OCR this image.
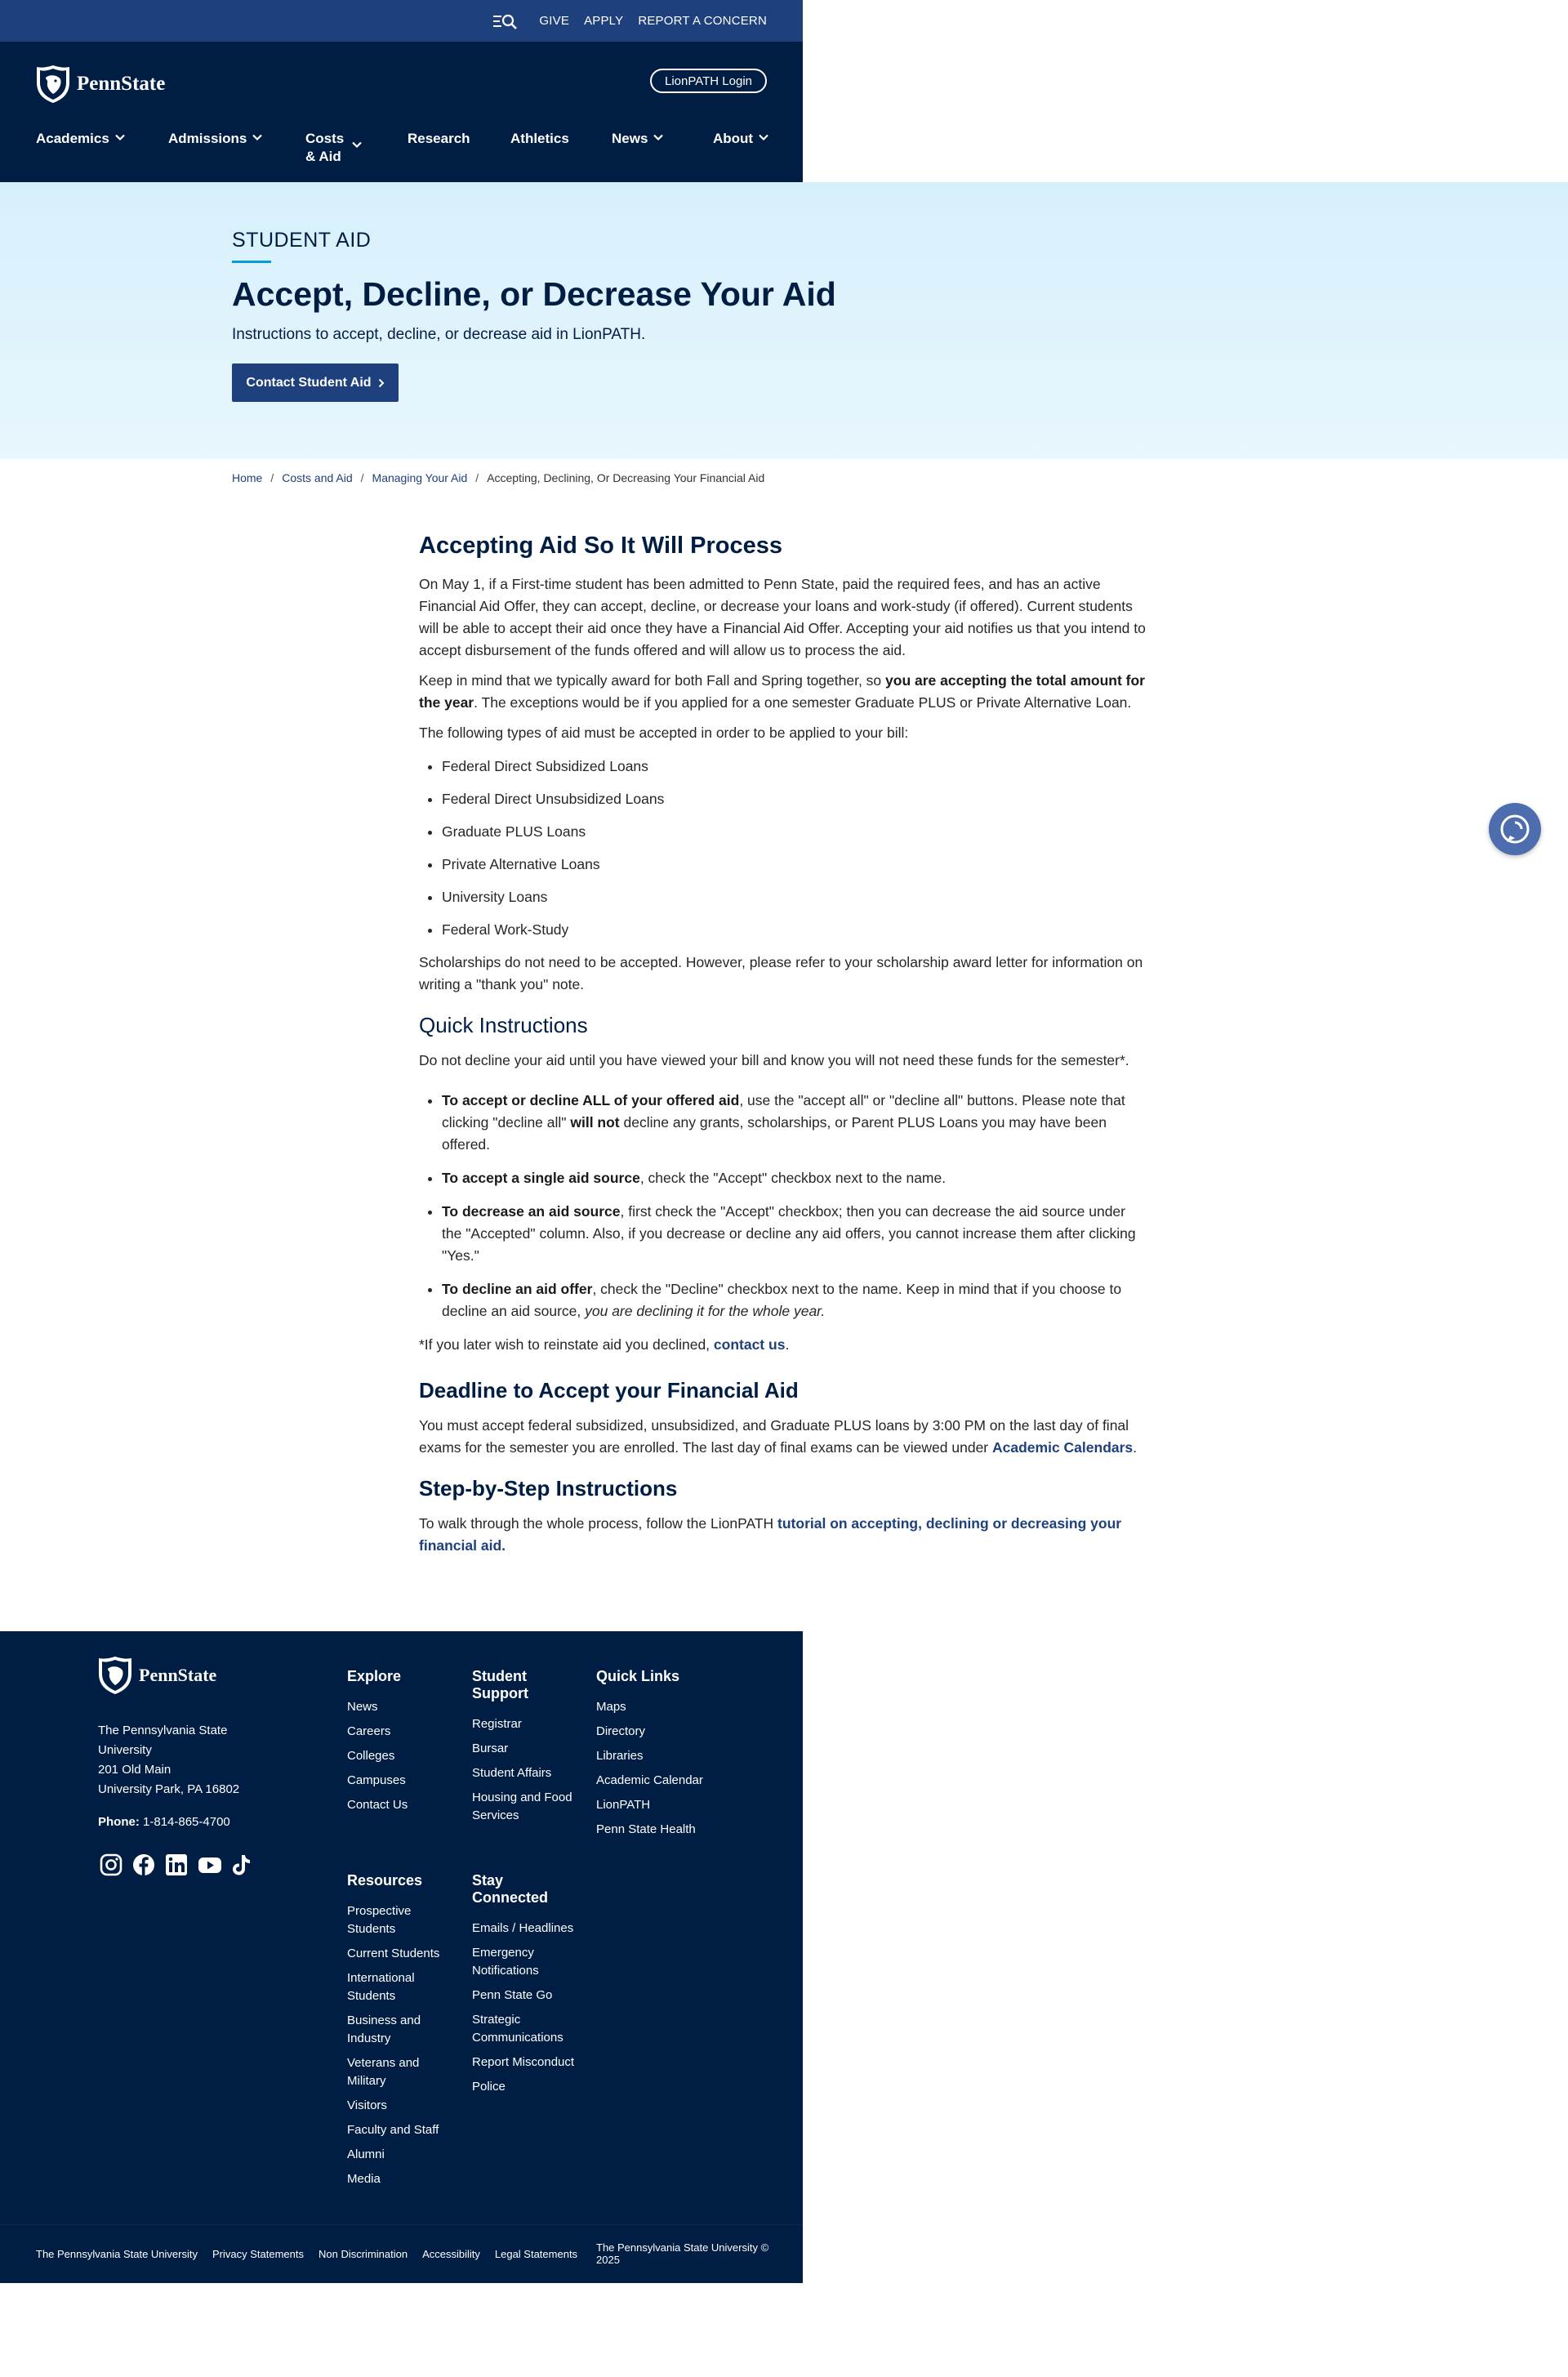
GIVE APPLY REPORT A CONCERN
PennState	LionPATH Login
Academics	Admissions	Costs & Aid
Research	Athletics	News	About
STUDENT AID
Accept, Decline, or Decrease Your Aid
Instructions to accept, decline, or decrease aid in LionPATH.
Contact Student Aid
Home / Costs and Aid / Managing Your Aid / Accepting, Declining, Or Decreasing Your Financial Aid
Accepting Aid So It Will Process

On May 1, if a First-time student has been admitted to Penn State, paid the required fees, and has an active Financial Aid Offer, they can accept, decline, or decrease your loans and work-study (if offered). Current students will be able to accept their aid once they have a Financial Aid Offer. Accepting your aid notifies us that you intend to accept disbursement of the funds offered and will allow us to process the aid.

Keep in mind that we typically award for both Fall and Spring together, so you are accepting the total amount for the year. The exceptions would be if you applied for a one semester Graduate PLUS or Private Alternative Loan.

The following types of aid must be accepted in order to be applied to your bill:

• Federal Direct Subsidized Loans
• Federal Direct Unsubsidized Loans
• Graduate PLUS Loans
• Private Alternative Loans
• University Loans
• Federal Work-Study

Scholarships do not need to be accepted. However, please refer to your scholarship award letter for information on writing a "thank you" note.

Quick Instructions

Do not decline your aid until you have viewed your bill and know you will not need these funds for the semester*.

• To accept or decline ALL of your offered aid, use the "accept all" or "decline all" buttons. Please note that clicking "decline all" will not decline any grants, scholarships, or Parent PLUS Loans you may have been offered.
• To accept a single aid source, check the "Accept" checkbox next to the name.
• To decrease an aid source, first check the "Accept" checkbox; then you can decrease the aid source under the "Accepted" column. Also, if you decrease or decline any aid offers, you cannot increase them after clicking "Yes."
• To decline an aid offer, check the "Decline" checkbox next to the name. Keep in mind that if you choose to decline an aid source, you are declining it for the whole year.

*If you later wish to reinstate aid you declined, contact us.

Deadline to Accept your Financial Aid

You must accept federal subsidized, unsubsidized, and Graduate PLUS loans by 3:00 PM on the last day of final exams for the semester you are enrolled. The last day of final exams can be viewed under Academic Calendars.

Step-by-Step Instructions

To walk through the whole process, follow the LionPATH tutorial on accepting, declining or decreasing your financial aid.

PennState
The Pennsylvania State University
201 Old Main
University Park, PA 16802
Phone: 1-814-865-4700
Explore
News
Careers
Colleges
Campuses
Contact Us
Student Support
Registrar
Bursar
Student Affairs
Housing and Food Services
Quick Links
Maps
Directory
Libraries
Academic Calendar
LionPATH
Penn State Health
Resources
Prospective Students
Current Students
International Students
Business and Industry
Veterans and Military
Visitors
Faculty and Staff
Alumni
Media
Stay Connected
Emails / Headlines
Emergency Notifications
Penn State Go
Strategic Communications
Report Misconduct
Police
The Pennsylvania State University Privacy Statements Non Discrimination Accessibility Legal Statements
The Pennsylvania State University © 2025
